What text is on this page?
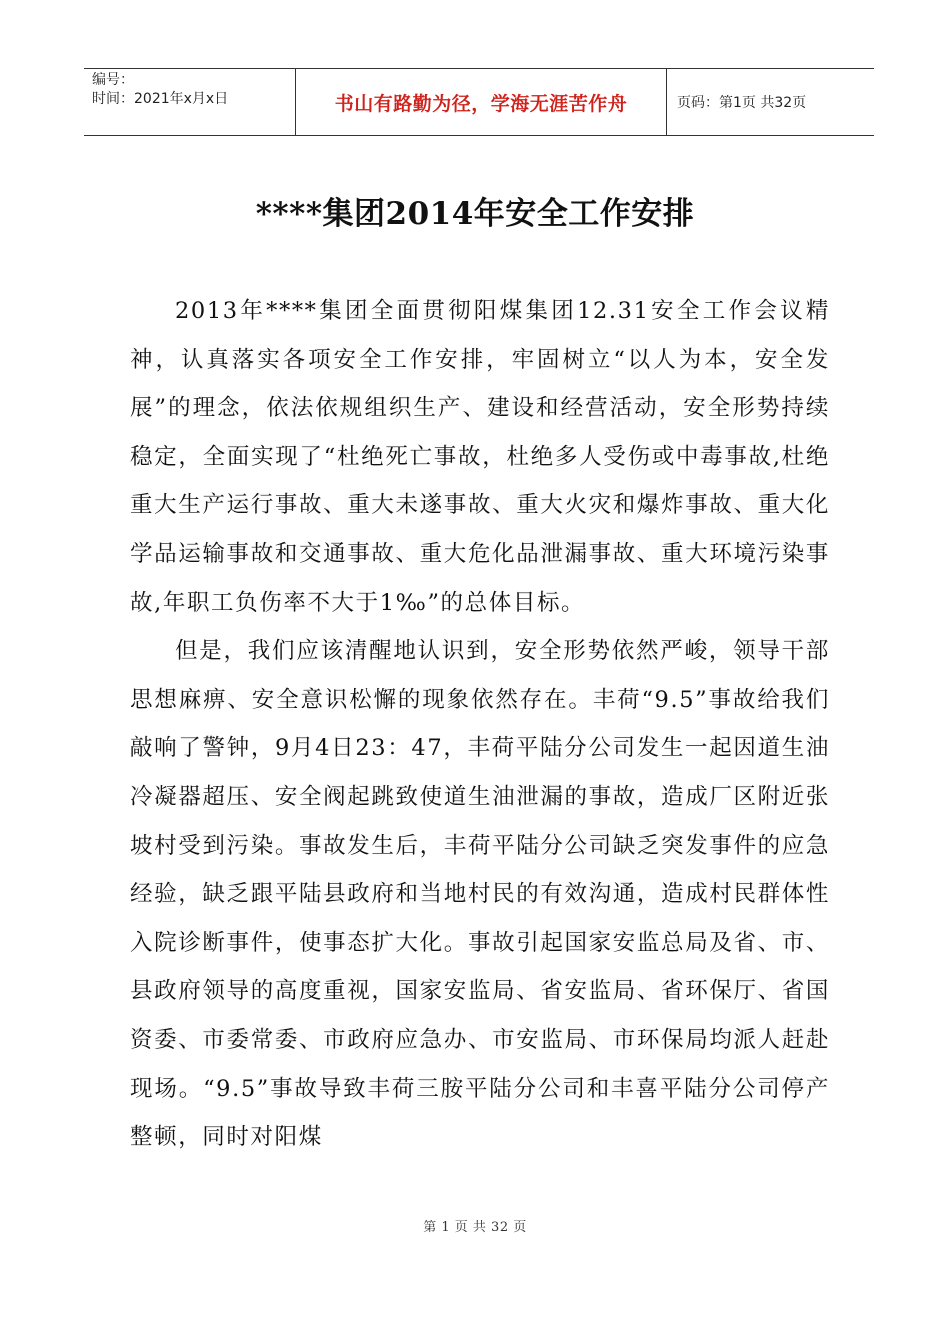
编号：
时间：2021年x月x日	书山有路勤为径，学海无涯苦作舟	页码：第1页 共32页
****集团2014年安全工作安排

2013年****集团全面贯彻阳煤集团12.31安全工作会议精神，认真落实各项安全工作安排，牢固树立“以人为本，安全发展”的理念，依法依规组织生产、建设和经营活动，安全形势持续稳定，全面实现了“杜绝死亡事故，杜绝多人受伤或中毒事故,杜绝重大生产运行事故、重大未遂事故、重大火灾和爆炸事故、重大化学品运输事故和交通事故、重大危化品泄漏事故、重大环境污染事故,年职工负伤率不大于1‰”的总体目标。

但是，我们应该清醒地认识到，安全形势依然严峻，领导干部思想麻痹、安全意识松懈的现象依然存在。丰荷“9.5”事故给我们敲响了警钟，9月4日23：47，丰荷平陆分公司发生一起因道生油冷凝器超压、安全阀起跳致使道生油泄漏的事故，造成厂区附近张坡村受到污染。事故发生后，丰荷平陆分公司缺乏突发事件的应急经验，缺乏跟平陆县政府和当地村民的有效沟通，造成村民群体性入院诊断事件，使事态扩大化。事故引起国家安监总局及省、市、县政府领导的高度重视，国家安监局、省安监局、省环保厅、省国资委、市委常委、市政府应急办、市安监局、市环保局均派人赶赴现场。“9.5”事故导致丰荷三胺平陆分公司和丰喜平陆分公司停产整顿，同时对阳煤

第 1 页 共 32 页
